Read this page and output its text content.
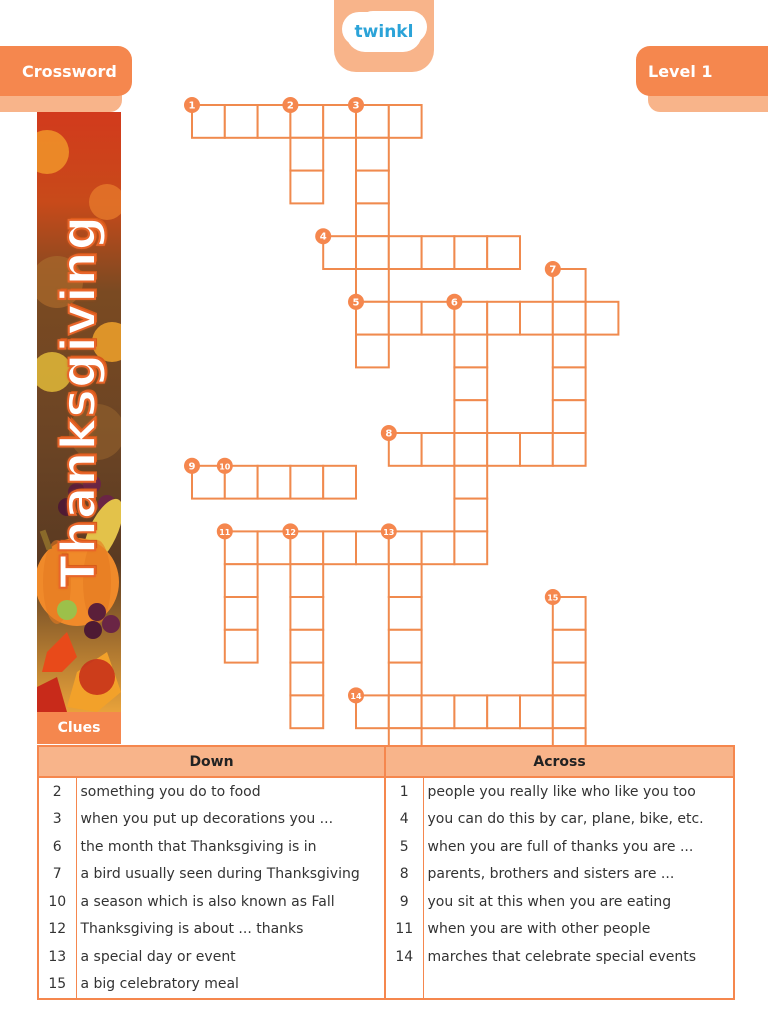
twinkl
Crossword	Level 1
Thanksgiving
1	2	3
4
7
5	6
8
9	10
11	12	13
15
14
Clues
Down		Across	
2	something you do to food	1	people you really like who like you too
3	when you put up decorations you ...	4	you can do this by car, plane, bike, etc.
6	the month that Thanksgiving is in	5	when you are full of thanks you are ...
7	a bird usually seen during Thanksgiving	8	parents, brothers and sisters are ...
10	a season which is also known as Fall	9	you sit at this when you are eating
12	Thanksgiving is about ... thanks	11	when you are with other people
13	a special day or event	14	marches that celebrate special events
15	a big celebratory meal		
